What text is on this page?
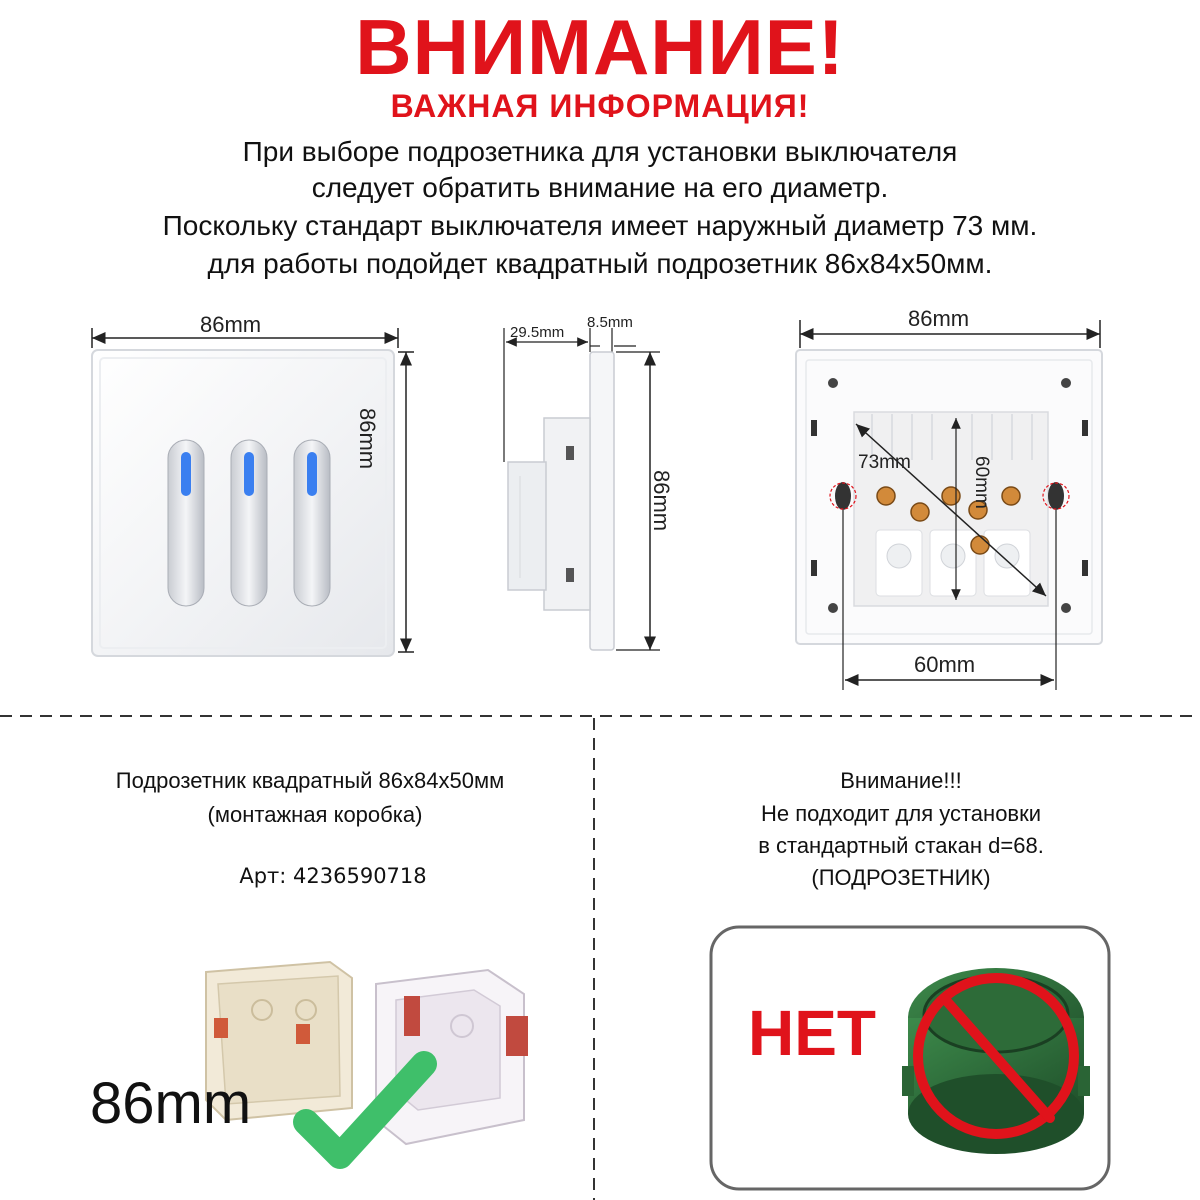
ВНИМАНИЕ!
ВАЖНАЯ ИНФОРМАЦИЯ!
При выборе подрозетника для установки выключателя
следует обратить внимание на его диаметр.
Поскольку стандарт выключателя имеет наружный диаметр 73 мм.
для работы подойдет квадратный подрозетник 86х84х50мм.
86mm
86mm
29.5mm
8.5mm
86mm
86mm
73mm	60mm
60mm
Подрозетник квадратный 86х84х50мм
(монтажная коробка)
Арт: 4236590718
86mm
Внимание!!!
Не подходит для установки
в стандартный стакан d=68.
(ПОДРОЗЕТНИК)
НЕТ
